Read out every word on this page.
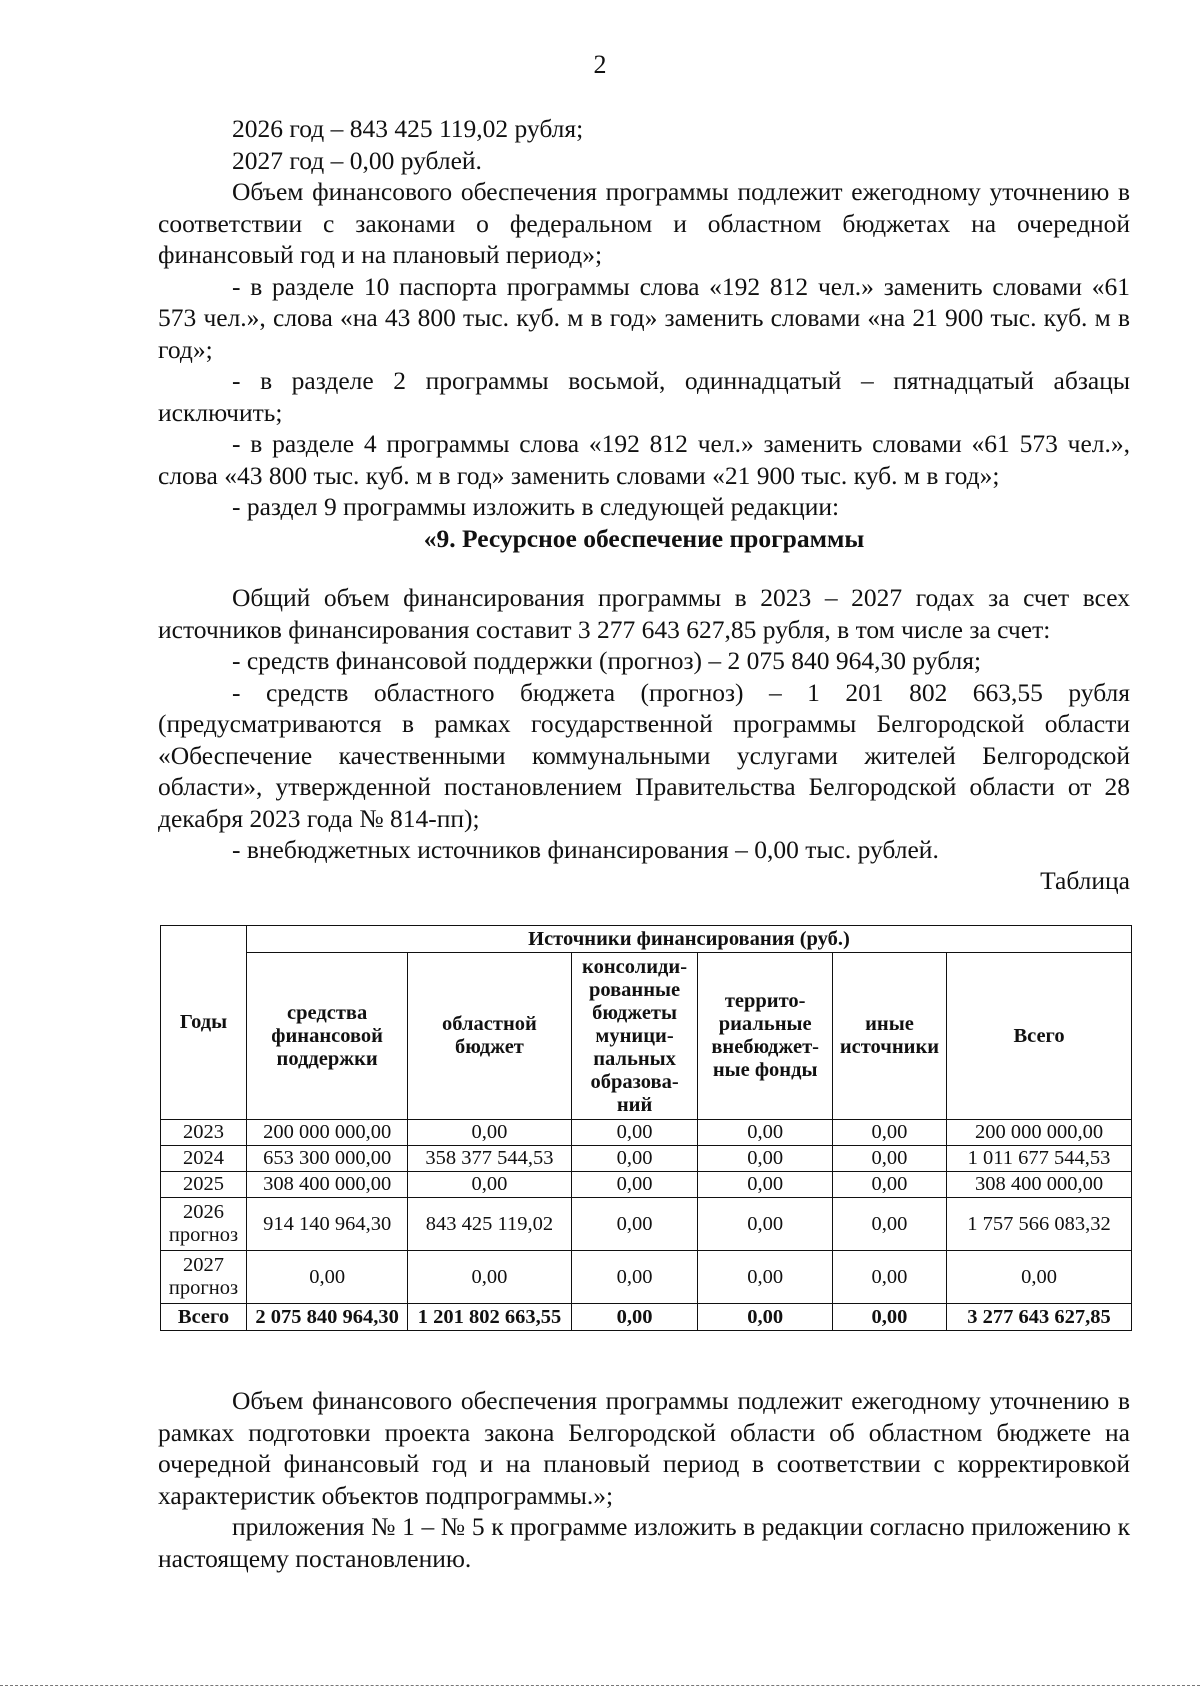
2

2026 год – 843 425 119,02 рубля;

2027 год – 0,00 рублей.

Объем финансового обеспечения программы подлежит ежегодному уточнению в соответствии с законами о федеральном и областном бюджетах на очередной финансовый год и на плановый период»;

- в разделе 10 паспорта программы слова «192 812 чел.» заменить словами «61 573 чел.», слова «на 43 800 тыс. куб. м в год» заменить словами «на 21 900 тыс. куб. м в год»;

- в разделе 2 программы восьмой, одиннадцатый – пятнадцатый абзацы исключить;

- в разделе 4 программы слова «192 812 чел.» заменить словами «61 573 чел.», слова «43 800 тыс. куб. м в год» заменить словами «21 900 тыс. куб. м в год»;

- раздел 9 программы изложить в следующей редакции:

«9. Ресурсное обеспечение программы

Общий объем финансирования программы в 2023 – 2027 годах за счет всех источников финансирования составит 3 277 643 627,85 рубля, в том числе за счет:

- средств финансовой поддержки (прогноз) – 2 075 840 964,30 рубля;

- средств областного бюджета (прогноз) – 1 201 802 663,55 рубля (предусматриваются в рамках государственной программы Белгородской области «Обеспечение качественными коммунальными услугами жителей Белгородской области», утвержденной постановлением Правительства Белгородской области от 28 декабря 2023 года № 814-пп);

- внебюджетных источников финансирования – 0,00 тыс. рублей.

Таблица
Годы	Источники финансирования (руб.)					
	средства финансовой поддержки	областной бюджет	консолиди-рованные бюджеты муници-пальных образова-ний	террито-риальные внебюджет-ные фонды	иные источники	Всего
2023	200 000 000,00	0,00	0,00	0,00	0,00	200 000 000,00
2024	653 300 000,00	358 377 544,53	0,00	0,00	0,00	1 011 677 544,53
2025	308 400 000,00	0,00	0,00	0,00	0,00	308 400 000,00
2026
прогноз	914 140 964,30	843 425 119,02	0,00	0,00	0,00	1 757 566 083,32
2027
прогноз	0,00	0,00	0,00	0,00	0,00	0,00
Всего	2 075 840 964,30	1 201 802 663,55	0,00	0,00	0,00	3 277 643 627,85

Объем финансового обеспечения программы подлежит ежегодному уточнению в рамках подготовки проекта закона Белгородской области об областном бюджете на очередной финансовый год и на плановый период в соответствии с корректировкой характеристик объектов подпрограммы.»;

приложения № 1 – № 5 к программе изложить в редакции согласно приложению к настоящему постановлению.
